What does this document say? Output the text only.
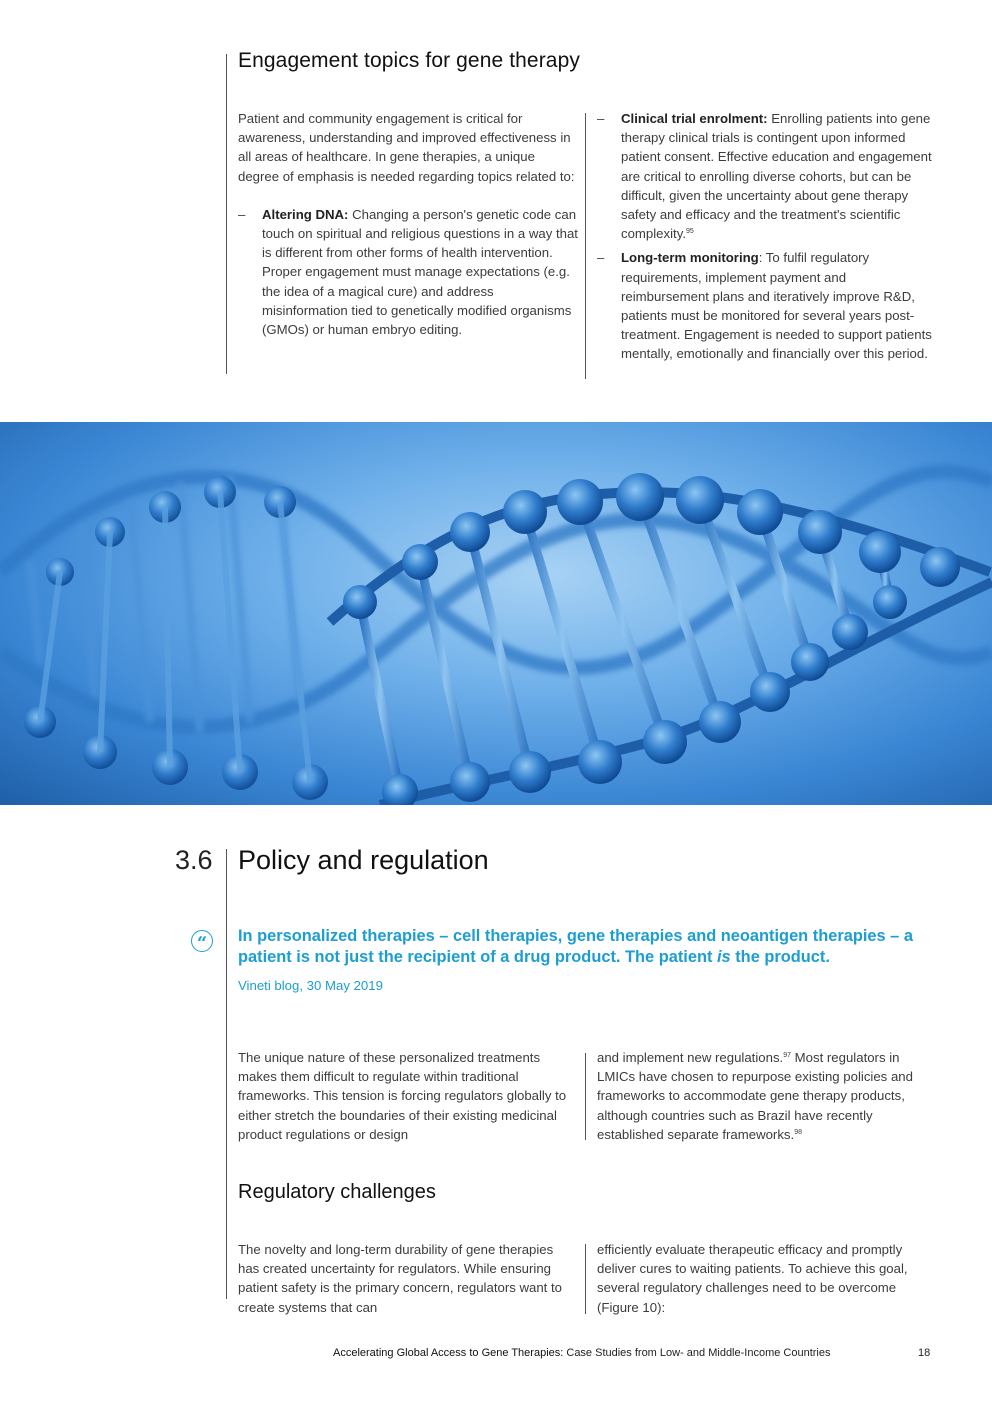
Engagement topics for gene therapy

Patient and community engagement is critical for awareness, understanding and improved effectiveness in all areas of healthcare. In gene therapies, a unique degree of emphasis is needed regarding topics related to:

–	Altering DNA: Changing a person's genetic code can touch on spiritual and religious questions in a way that is different from other forms of health intervention. Proper engagement must manage expectations (e.g. the idea of a magical cure) and address misinformation tied to genetically modified organisms (GMOs) or human embryo editing.
–	Clinical trial enrolment: Enrolling patients into gene therapy clinical trials is contingent upon informed patient consent. Effective education and engagement are critical to enrolling diverse cohorts, but can be difficult, given the uncertainty about gene therapy safety and efficacy and the treatment's scientific complexity.$^{95}$
–	Long-term monitoring: To fulfil regulatory requirements, implement payment and reimbursement plans and iteratively improve R&D, patients must be monitored for several years post-treatment. Engagement is needed to support patients mentally, emotionally and financially over this period.
3.6 Policy and regulation
“	In personalized therapies – cell therapies, gene therapies and neoantigen therapies – a patient is not just the recipient of a drug product. The patient is the product.
Vineti blog, 30 May 2019

The unique nature of these personalized treatments makes them difficult to regulate within traditional frameworks. This tension is forcing regulators globally to either stretch the boundaries of their existing medicinal product regulations or design

and implement new regulations.$^{97}$ Most regulators in LMICs have chosen to repurpose existing policies and frameworks to accommodate gene therapy products, although countries such as Brazil have recently established separate frameworks.$^{98}$

Regulatory challenges

The novelty and long-term durability of gene therapies has created uncertainty for regulators. While ensuring patient safety is the primary concern, regulators want to create systems that can

efficiently evaluate therapeutic efficacy and promptly deliver cures to waiting patients. To achieve this goal, several regulatory challenges need to be overcome (Figure 10):

Accelerating Global Access to Gene Therapies: Case Studies from Low- and Middle-Income Countries	18
